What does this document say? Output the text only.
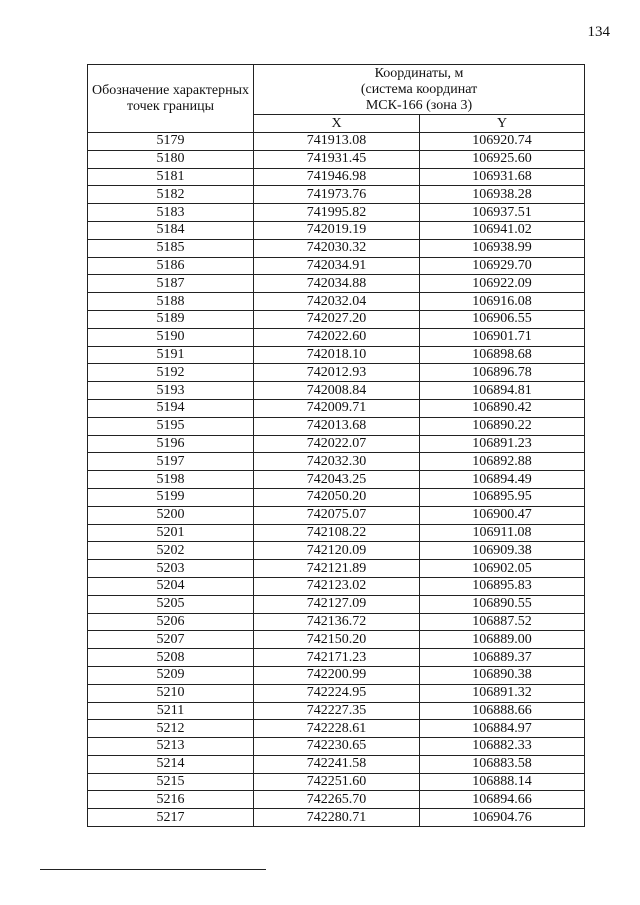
134
Обозначение характерных точек границы	Координаты, м
(система координат
МСК-166 (зона 3)	

	X	Y
5179	741913.08	106920.74
5180	741931.45	106925.60
5181	741946.98	106931.68
5182	741973.76	106938.28
5183	741995.82	106937.51
5184	742019.19	106941.02
5185	742030.32	106938.99
5186	742034.91	106929.70
5187	742034.88	106922.09
5188	742032.04	106916.08
5189	742027.20	106906.55
5190	742022.60	106901.71
5191	742018.10	106898.68
5192	742012.93	106896.78
5193	742008.84	106894.81
5194	742009.71	106890.42
5195	742013.68	106890.22
5196	742022.07	106891.23
5197	742032.30	106892.88
5198	742043.25	106894.49
5199	742050.20	106895.95
5200	742075.07	106900.47
5201	742108.22	106911.08
5202	742120.09	106909.38
5203	742121.89	106902.05
5204	742123.02	106895.83
5205	742127.09	106890.55
5206	742136.72	106887.52
5207	742150.20	106889.00
5208	742171.23	106889.37
5209	742200.99	106890.38
5210	742224.95	106891.32
5211	742227.35	106888.66
5212	742228.61	106884.97
5213	742230.65	106882.33
5214	742241.58	106883.58
5215	742251.60	106888.14
5216	742265.70	106894.66
5217	742280.71	106904.76
